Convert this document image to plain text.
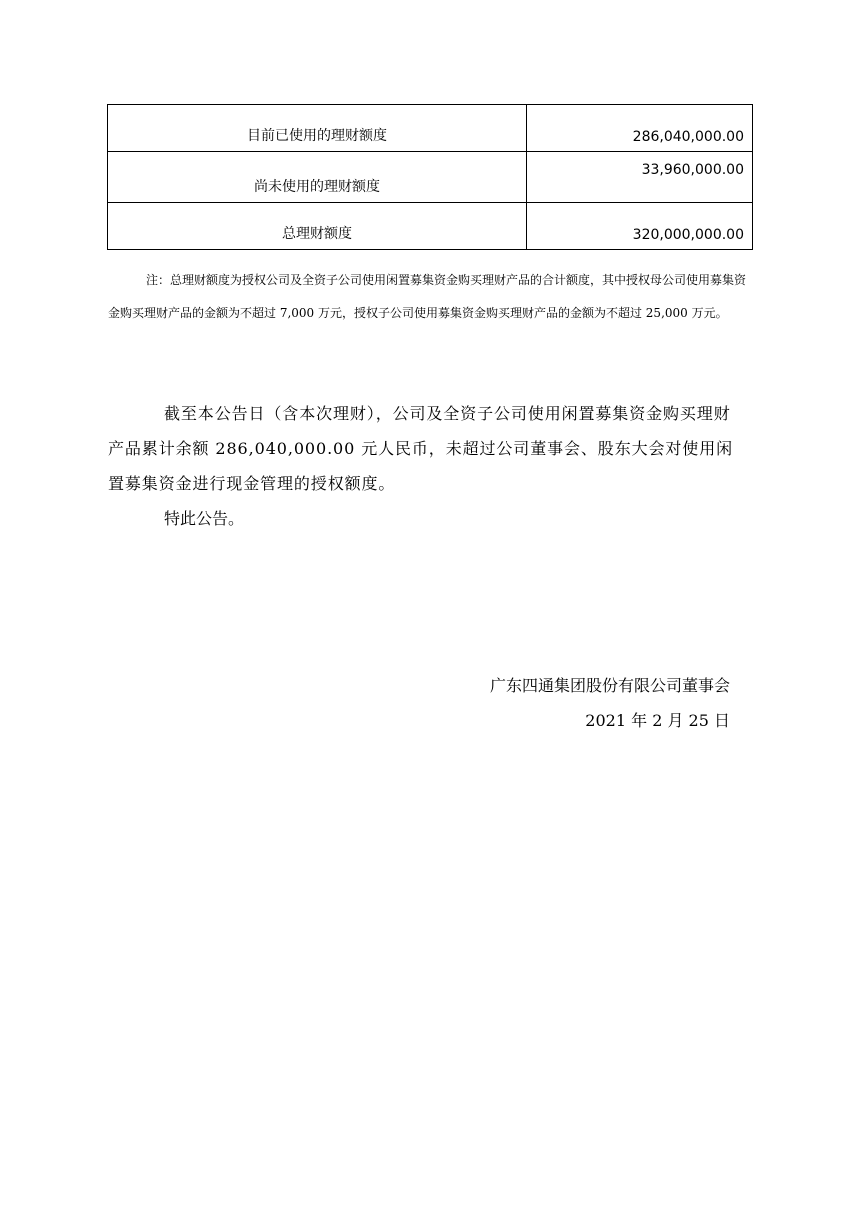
目前已使用的理财额度	286,040,000.00
尚未使用的理财额度	33,960,000.00
总理财额度	320,000,000.00

注：总理财额度为授权公司及全资子公司使用闲置募集资金购买理财产品的合计额度，其中授权母公司使用募集资金购买理财产品的金额为不超过 7,000 万元，授权子公司使用募集资金购买理财产品的金额为不超过 25,000 万元。

截至本公告日（含本次理财），公司及全资子公司使用闲置募集资金购买理财产品累计余额 286,040,000.00 元人民币，未超过公司董事会、股东大会对使用闲置募集资金进行现金管理的授权额度。

特此公告。

广东四通集团股份有限公司董事会
2021 年 2 月 25 日
